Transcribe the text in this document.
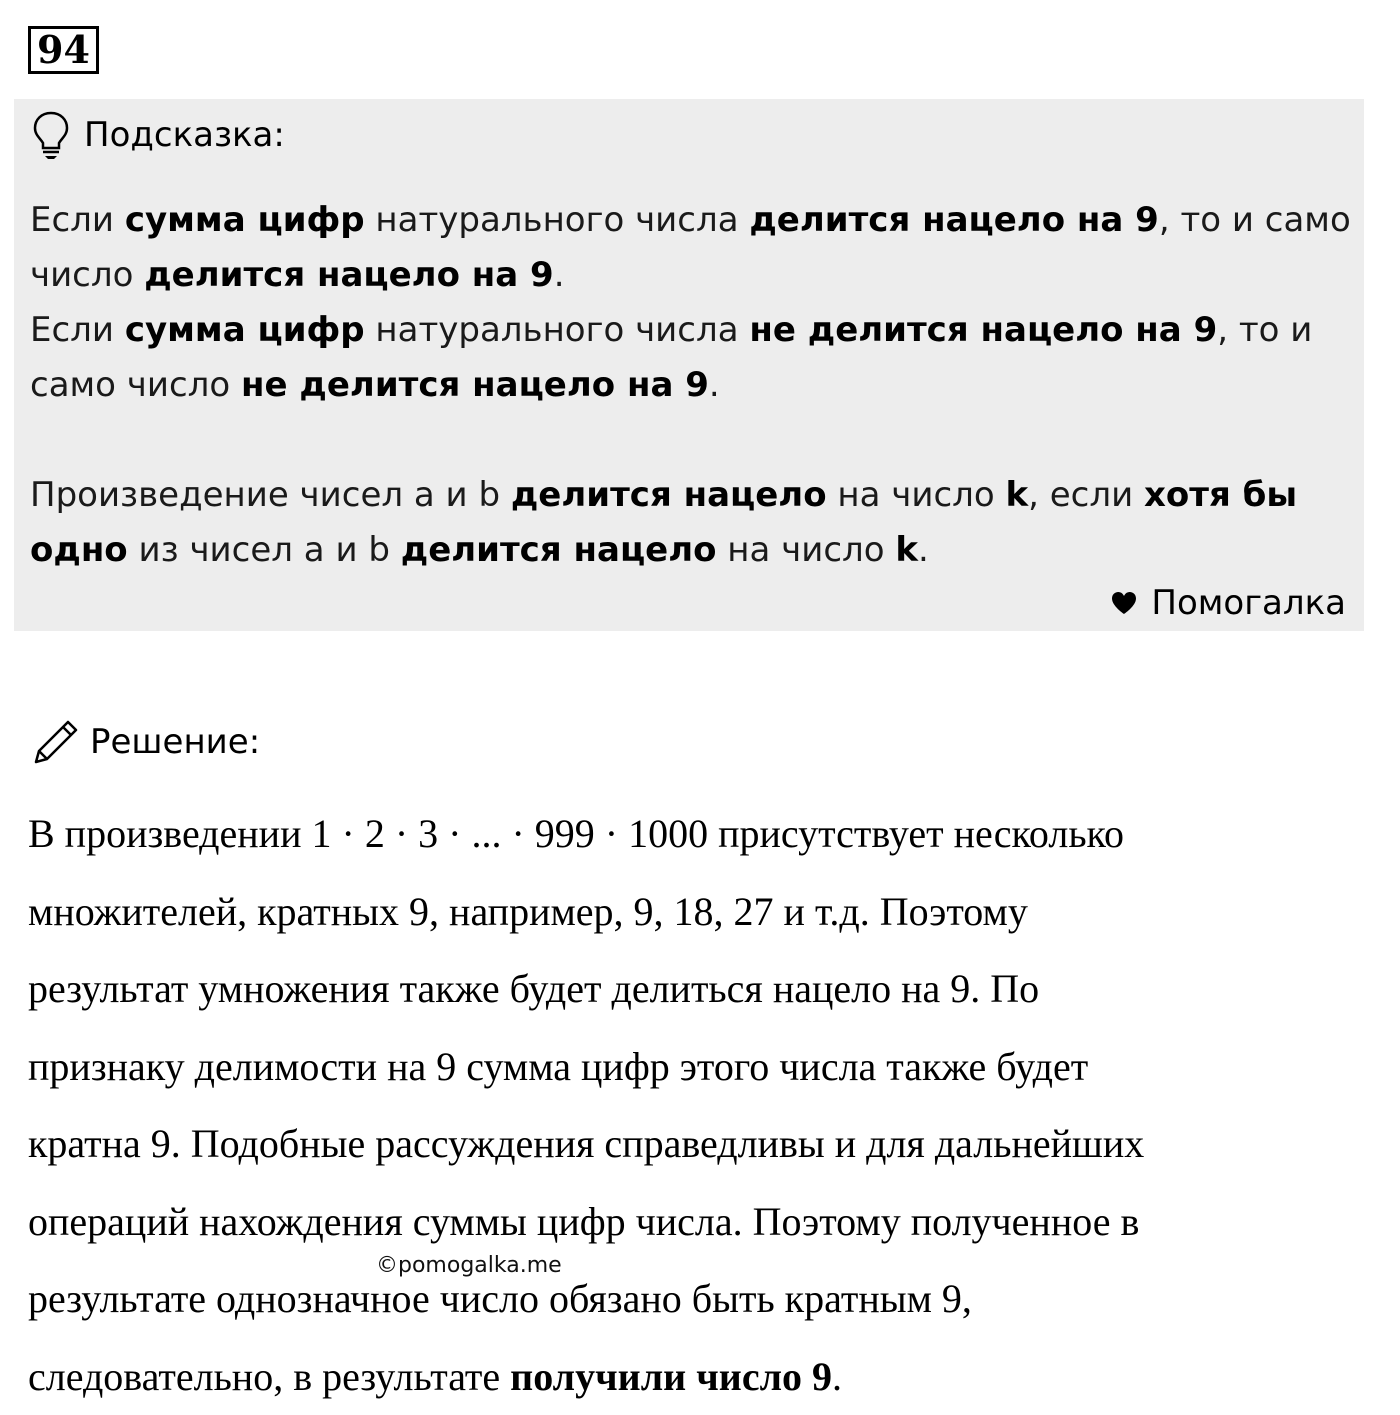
94
Подсказка:

Если сумма цифр натурального числа делится нацело на 9, то и само
число делится нацело на 9.

Если сумма цифр натурального числа не делится нацело на 9, то и
само число не делится нацело на 9.

Произведение чисел a и b делится нацело на число k, если хотя бы
одно из чисел a и b делится нацело на число k.

Помогалка
Решение:

В произведении 1 · 2 · 3 · ... · 999 · 1000 присутствует несколько

множителей, кратных 9, например, 9, 18, 27 и т.д. Поэтому

результат умножения также будет делиться нацело на 9. По

признаку делимости на 9 сумма цифр этого числа также будет

кратна 9. Подобные рассуждения справедливы и для дальнейших

операций нахождения суммы цифр числа. Поэтому полученное в

результате однозначное число обязано быть кратным 9,

следовательно, в результате получили число 9.

©pomogalka.me
